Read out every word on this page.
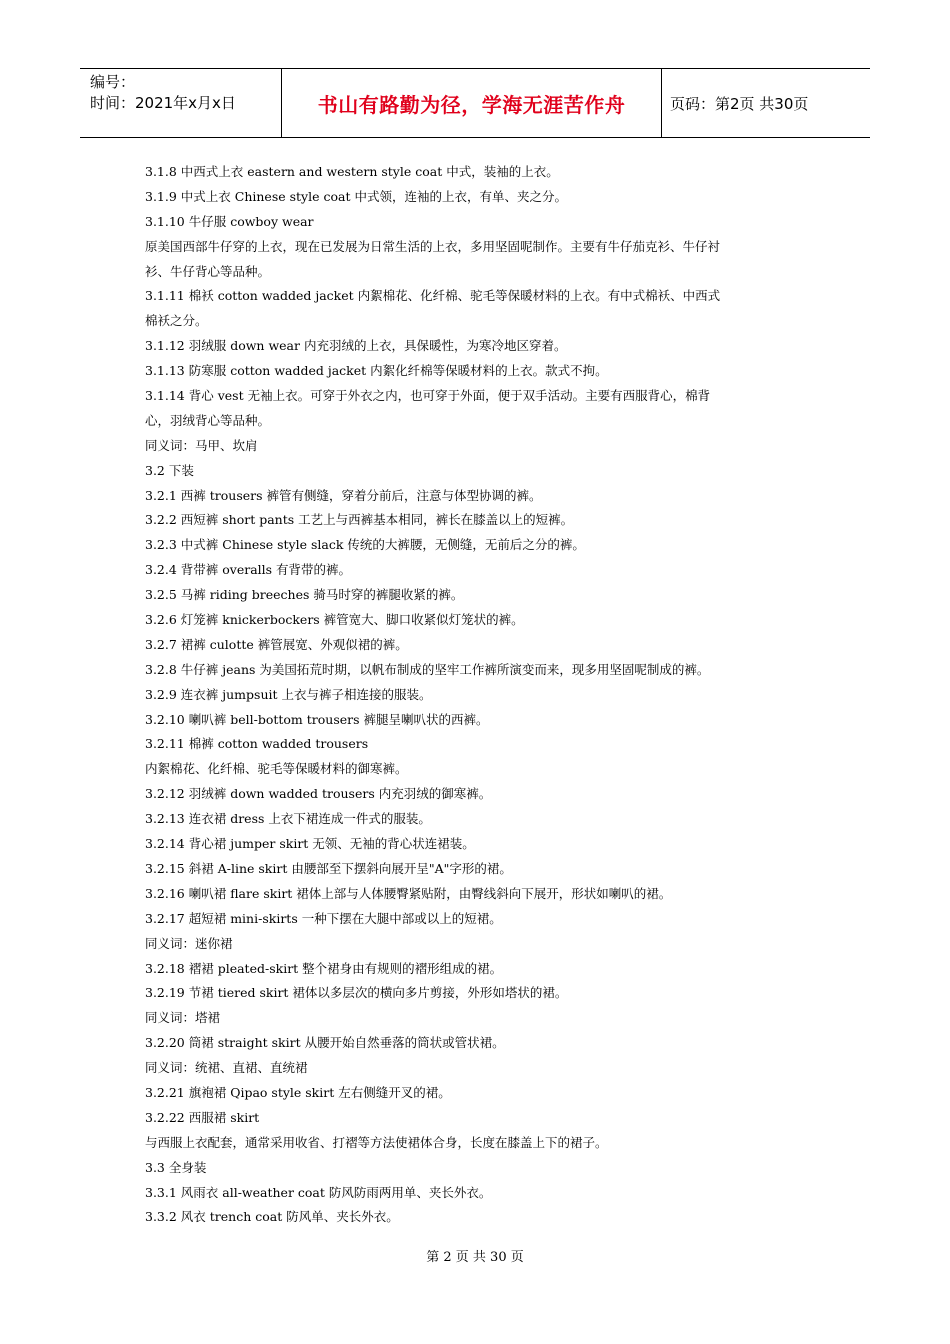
编号：
时间：2021年x月x日	书山有路勤为径，学海无涯苦作舟	页码：第2页 共30页
3.1.8 中西式上衣 eastern and western style coat 中式，装袖的上衣。
3.1.9 中式上衣 Chinese style coat 中式领，连袖的上衣，有单、夹之分。
3.1.10 牛仔服 cowboy wear
原美国西部牛仔穿的上衣，现在已发展为日常生活的上衣，多用坚固呢制作。主要有牛仔茄克衫、牛仔衬
衫、牛仔背心等品种。
3.1.11 棉袄 cotton wadded jacket 内絮棉花、化纤棉、驼毛等保暖材料的上衣。有中式棉袄、中西式
棉袄之分。
3.1.12 羽绒服 down wear 内充羽绒的上衣，具保暖性，为寒冷地区穿着。
3.1.13 防寒服 cotton wadded jacket 内絮化纤棉等保暖材料的上衣。款式不拘。
3.1.14 背心 vest 无袖上衣。可穿于外衣之内，也可穿于外面，便于双手活动。主要有西服背心，棉背
心，羽绒背心等品种。
同义词：马甲、坎肩
3.2 下装
3.2.1 西裤 trousers 裤管有侧缝，穿着分前后，注意与体型协调的裤。
3.2.2 西短裤 short pants 工艺上与西裤基本相同，裤长在膝盖以上的短裤。
3.2.3 中式裤 Chinese style slack 传统的大裤腰，无侧缝，无前后之分的裤。
3.2.4 背带裤 overalls 有背带的裤。
3.2.5 马裤 riding breeches 骑马时穿的裤腿收紧的裤。
3.2.6 灯笼裤 knickerbockers 裤管宽大、脚口收紧似灯笼状的裤。
3.2.7 裙裤 culotte 裤管展宽、外观似裙的裤。
3.2.8 牛仔裤 jeans 为美国拓荒时期，以帆布制成的坚牢工作裤所演变而来，现多用坚固呢制成的裤。
3.2.9 连衣裤 jumpsuit 上衣与裤子相连接的服装。
3.2.10 喇叭裤 bell-bottom trousers 裤腿呈喇叭状的西裤。
3.2.11 棉裤 cotton wadded trousers
内絮棉花、化纤棉、驼毛等保暖材料的御寒裤。
3.2.12 羽绒裤 down wadded trousers 内充羽绒的御寒裤。
3.2.13 连衣裙 dress 上衣下裙连成一件式的服装。
3.2.14 背心裙 jumper skirt 无领、无袖的背心状连裙装。
3.2.15 斜裙 A-line skirt 由腰部至下摆斜向展开呈"A"字形的裙。
3.2.16 喇叭裙 flare skirt 裙体上部与人体腰臀紧贴附，由臀线斜向下展开，形状如喇叭的裙。
3.2.17 超短裙 mini-skirts 一种下摆在大腿中部或以上的短裙。
同义词：迷你裙
3.2.18 褶裙 pleated-skirt 整个裙身由有规则的褶形组成的裙。
3.2.19 节裙 tiered skirt 裙体以多层次的横向多片剪接，外形如塔状的裙。
同义词：塔裙
3.2.20 筒裙 straight skirt 从腰开始自然垂落的筒状或管状裙。
同义词：统裙、直裙、直统裙
3.2.21 旗袍裙 Qipao style skirt 左右侧缝开叉的裙。
3.2.22 西服裙 skirt
与西服上衣配套，通常采用收省、打褶等方法使裙体合身，长度在膝盖上下的裙子。
3.3 全身装
3.3.1 风雨衣 all-weather coat 防风防雨两用单、夹长外衣。
3.3.2 风衣 trench coat 防风单、夹长外衣。
第 2 页 共 30 页
